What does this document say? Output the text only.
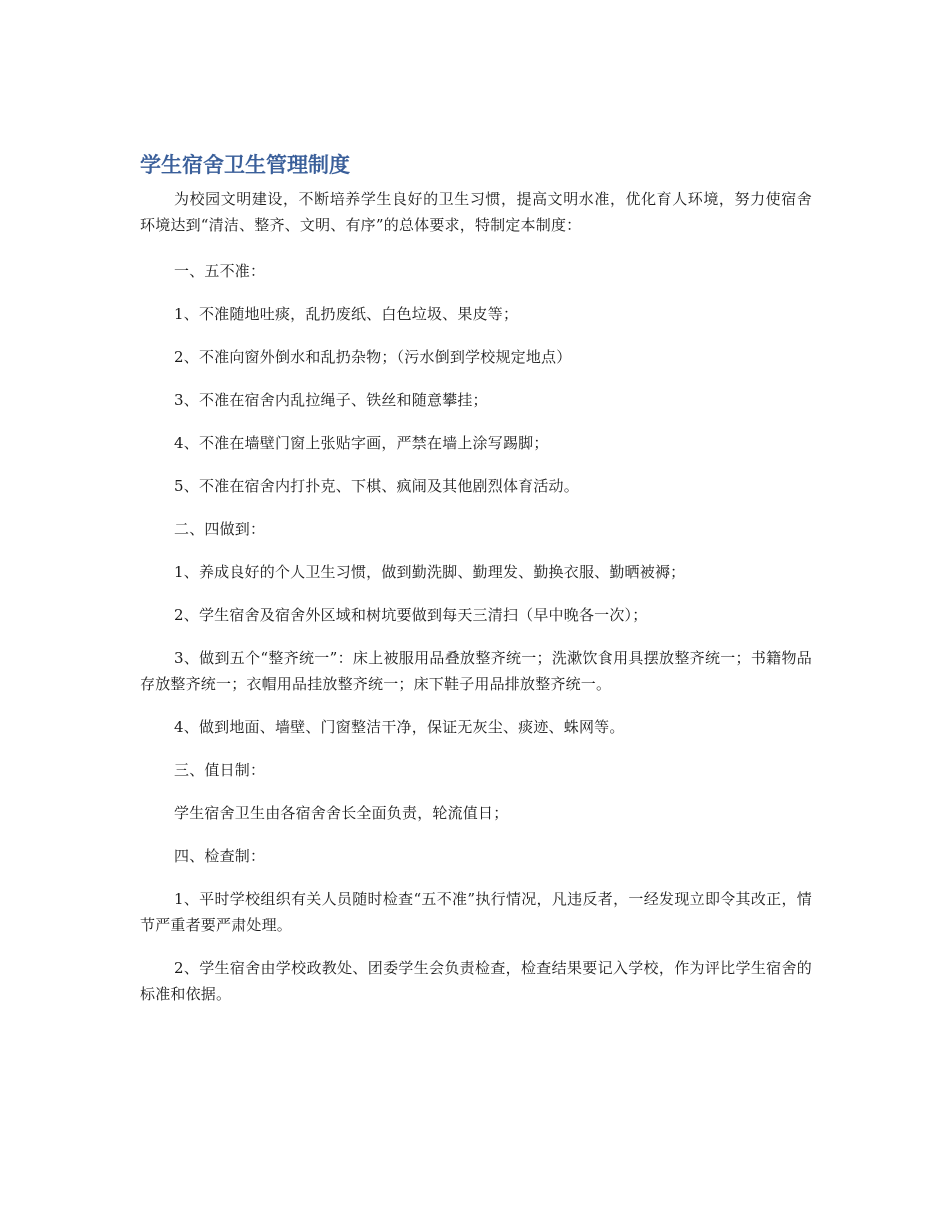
学生宿舍卫生管理制度

为校园文明建设，不断培养学生良好的卫生习惯，提高文明水准，优化育人环境，努力使宿舍环境达到“清洁、整齐、文明、有序”的总体要求，特制定本制度：

一、五不准：

1、不准随地吐痰，乱扔废纸、白色垃圾、果皮等；

2、不准向窗外倒水和乱扔杂物；（污水倒到学校规定地点）

3、不准在宿舍内乱拉绳子、铁丝和随意攀挂；

4、不准在墙壁门窗上张贴字画，严禁在墙上涂写踢脚；

5、不准在宿舍内打扑克、下棋、疯闹及其他剧烈体育活动。

二、四做到：

1、养成良好的个人卫生习惯，做到勤洗脚、勤理发、勤换衣服、勤晒被褥；

2、学生宿舍及宿舍外区域和树坑要做到每天三清扫（早中晚各一次）；

3、做到五个“整齐统一”：床上被服用品叠放整齐统一；洗漱饮食用具摆放整齐统一；书籍物品存放整齐统一；衣帽用品挂放整齐统一；床下鞋子用品排放整齐统一。

4、做到地面、墙壁、门窗整洁干净，保证无灰尘、痰迹、蛛网等。

三、值日制：

学生宿舍卫生由各宿舍舍长全面负责，轮流值日；

四、检查制：

1、平时学校组织有关人员随时检查“五不准”执行情况，凡违反者，一经发现立即令其改正，情节严重者要严肃处理。

2、学生宿舍由学校政教处、团委学生会负责检查，检查结果要记入学校，作为评比学生宿舍的标准和依据。
